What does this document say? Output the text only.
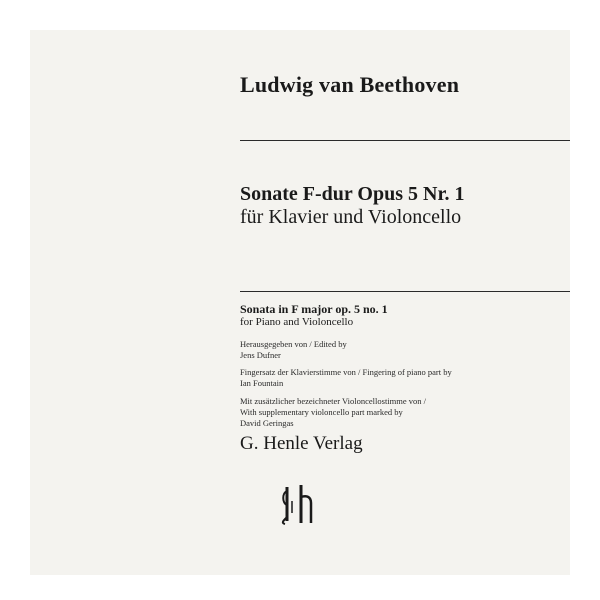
Ludwig van Beethoven
Sonate F-dur Opus 5 Nr. 1
für Klavier und Violoncello
Sonata in F major op. 5 no. 1
for Piano and Violoncello
Herausgegeben von / Edited by
Jens Dufner
Fingersatz der Klavierstimme von / Fingering of piano part by
Ian Fountain
Mit zusätzlicher bezeichneter Violoncellostimme von /
With supplementary violoncello part marked by
David Geringas
G. Henle Verlag
